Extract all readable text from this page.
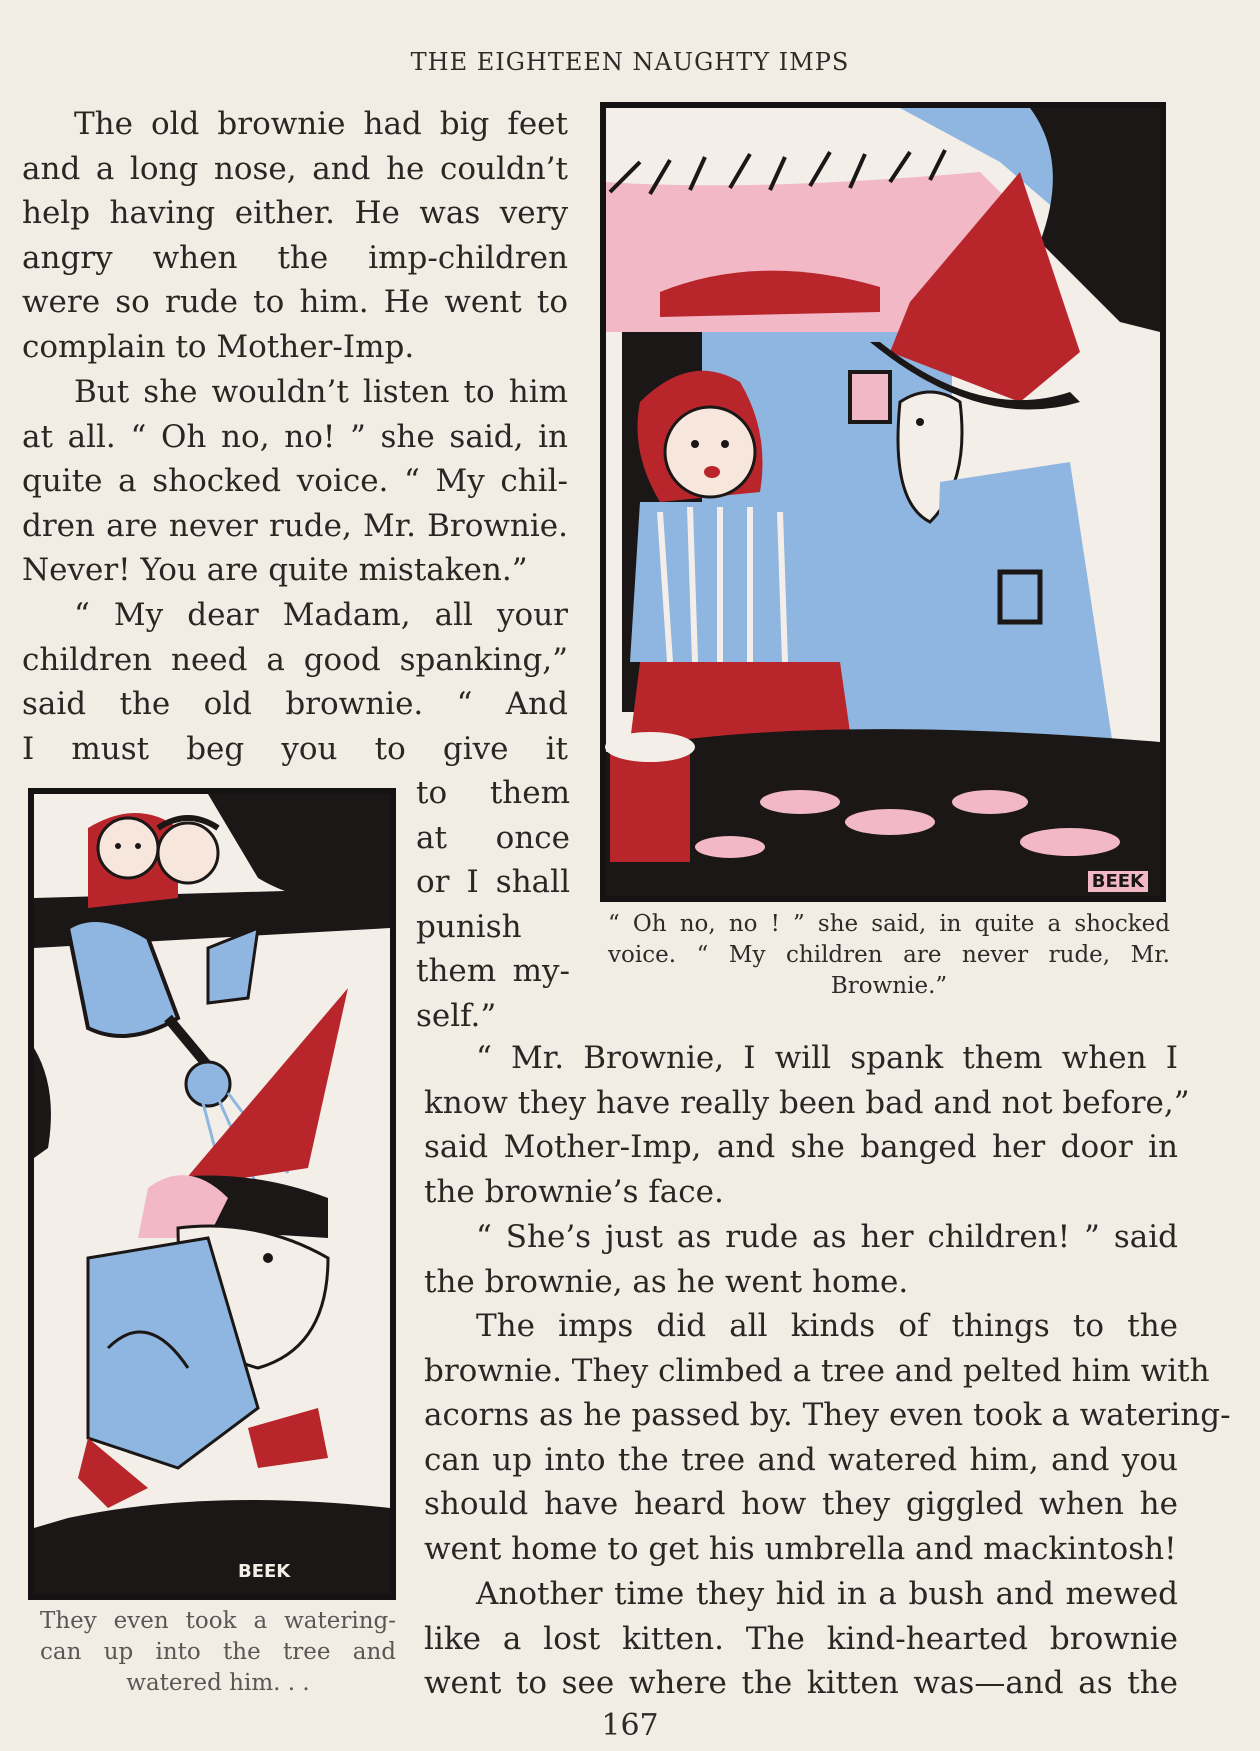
THE EIGHTEEN NAUGHTY IMPS
The old brownie had big feet
and a long nose, and he couldn’t
help having either. He was very
angry when the imp-children
were so rude to him. He went to
complain to Mother-Imp.
But she wouldn’t listen to him
at all. “ Oh no, no! ” she said, in
quite a shocked voice. “ My chil-
dren are never rude, Mr. Brownie.
Never! You are quite mistaken.”
“ My dear Madam, all your
children need a good spanking,”
said the old brownie. “ And
I must beg you to give it
to them
at once
or I shall
punish
them my-
self.”
BEEK
“ Oh no, no ! ” she said, in quite a shocked
voice. “ My children are never rude, Mr.
Brownie.”
BEEK
They even took a watering-
can up into the tree and
watered him. . .
“ Mr. Brownie, I will spank them when I
know they have really been bad and not before,”
said Mother-Imp, and she banged her door in
the brownie’s face.
“ She’s just as rude as her children! ” said
the brownie, as he went home.
The imps did all kinds of things to the
brownie. They climbed a tree and pelted him with
acorns as he passed by. They even took a watering-
can up into the tree and watered him, and you
should have heard how they giggled when he
went home to get his umbrella and mackintosh!
Another time they hid in a bush and mewed
like a lost kitten. The kind-hearted brownie
went to see where the kitten was—and as the
167
